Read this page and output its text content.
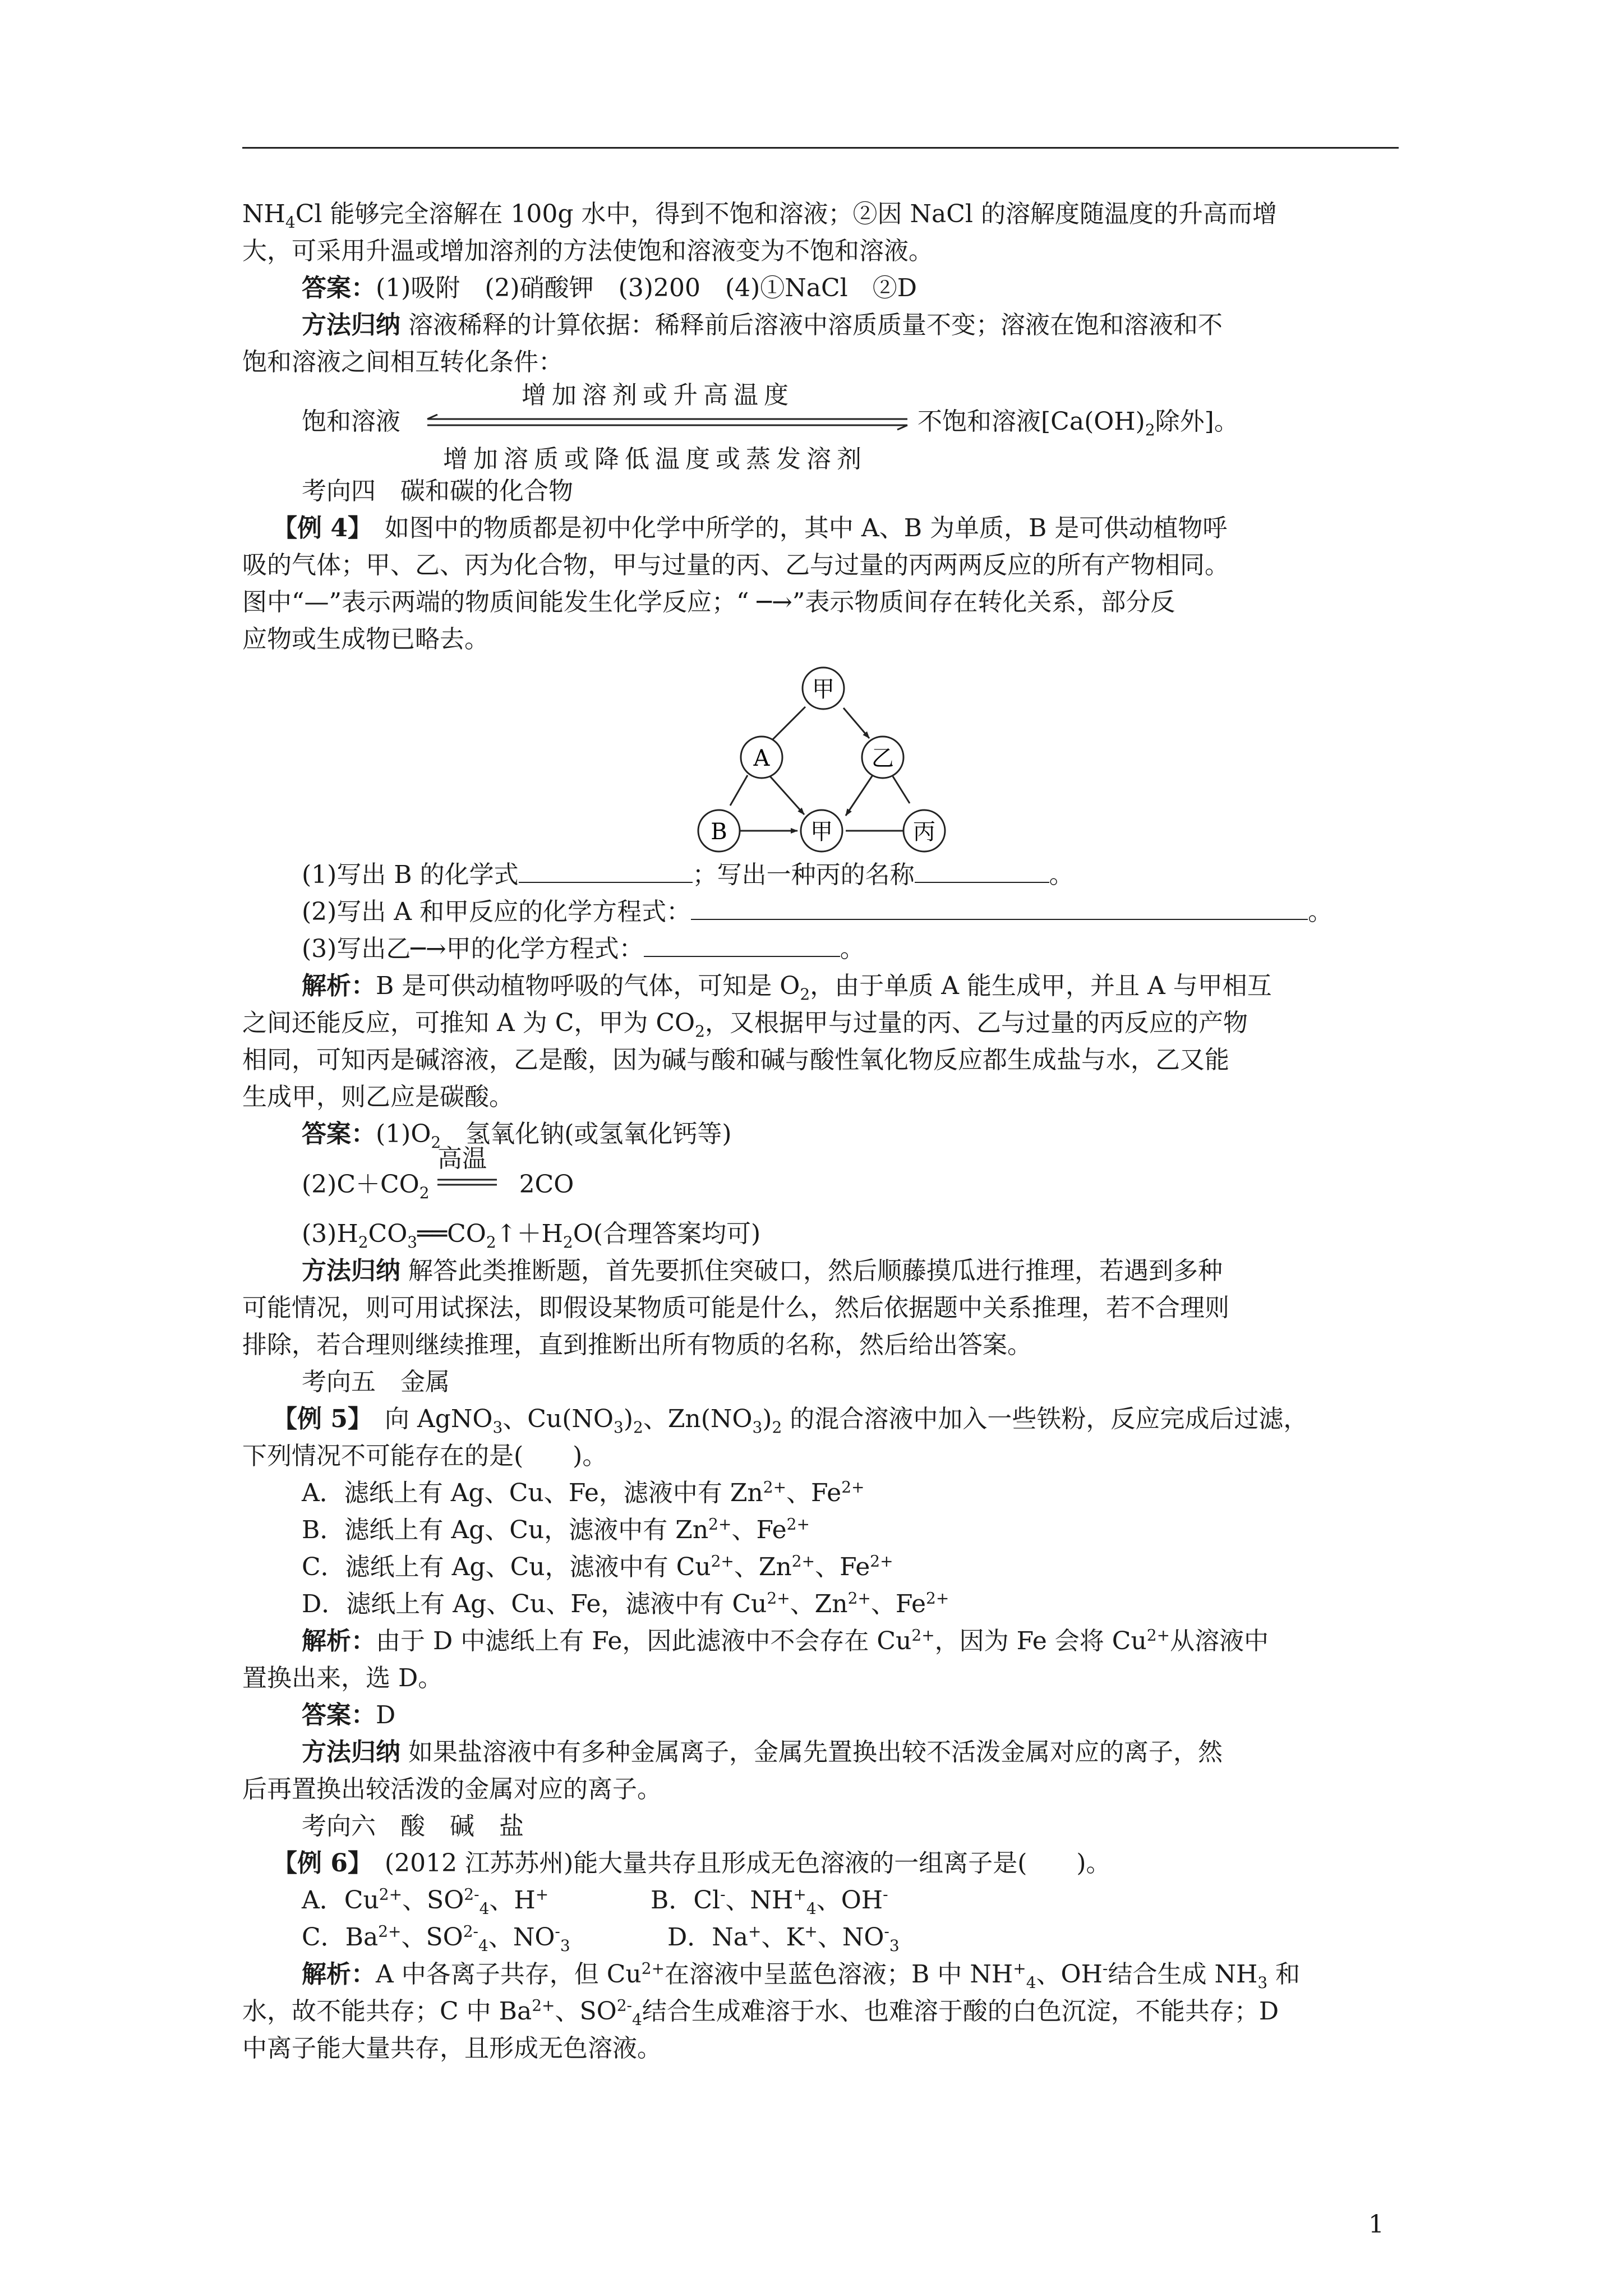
$NH_4Cl$ 能够完全溶解在 100g 水中，得到不饱和溶液；②因 NaCl 的溶解度随温度的升高而增
大，可采用升温或增加溶剂的方法使饱和溶液变为不饱和溶液。
答案：(1)吸附　(2)硝酸钾　(3)200　(4)①NaCl　②D
方法归纳 溶液稀释的计算依据：稀释前后溶液中溶质质量不变；溶液在饱和溶液和不
饱和溶液之间相互转化条件：
增加溶剂或升高温度
饱和溶液	不饱和溶液[$Ca(OH)_2$除外]。
增加溶质或降低温度或蒸发溶剂
考向四　碳和碳的化合物
【例 4】　如图中的物质都是初中化学中所学的，其中 A、B 为单质，B 是可供动植物呼
吸的气体；甲、乙、丙为化合物，甲与过量的丙、乙与过量的丙两两反应的所有产物相同。
图中“—”表示两端的物质间能发生化学反应；“ ─→”表示物质间存在转化关系，部分反
应物或生成物已略去。
甲
A	乙
B	甲	丙
(1)写出 B 的化学式	；写出一种丙的名称	。
(2)写出 A 和甲反应的化学方程式：	。
(3)写出乙─→甲的化学方程式：	。
解析：B 是可供动植物呼吸的气体，可知是 $O_2$，由于单质 A 能生成甲，并且 A 与甲相互
之间还能反应，可推知 A 为 C，甲为 $CO_2$，又根据甲与过量的丙、乙与过量的丙反应的产物
相同，可知丙是碱溶液，乙是酸，因为碱与酸和碱与酸性氧化物反应都生成盐与水，乙又能
生成甲，则乙应是碳酸。
答案：$(1)O_2$　氢氧化钠(或氢氧化钙等)
$(2)C+CO_2$	2CO
高温
$(3)H_2CO_3══CO_2↑+H_2O$(合理答案均可)
方法归纳 解答此类推断题，首先要抓住突破口，然后顺藤摸瓜进行推理，若遇到多种
可能情况，则可用试探法，即假设某物质可能是什么，然后依据题中关系推理，若不合理则
排除，若合理则继续推理，直到推断出所有物质的名称，然后给出答案。
考向五　金属
【例 5】　向 AgNO$_3$、$Cu(NO_3)_2$、$Zn(NO_3)_2$ 的混合溶液中加入一些铁粉，反应完成后过滤，
下列情况不可能存在的是(　　)。
A．滤纸上有 Ag、Cu、Fe，滤液中有 $Zn^{2+}$、$Fe^{2+}$
B．滤纸上有 Ag、Cu，滤液中有 $Zn^{2+}$、$Fe^{2+}$
C．滤纸上有 Ag、Cu，滤液中有 $Cu^{2+}$、$Zn^{2+}$、$Fe^{2+}$
D．滤纸上有 Ag、Cu、Fe，滤液中有 $Cu^{2+}$、$Zn^{2+}$、$Fe^{2+}$
解析：由于 D 中滤纸上有 Fe，因此滤液中不会存在 $Cu^{2+}$，因为 Fe 会将 $Cu^{2+}$从溶液中
置换出来，选 D。
答案：D
方法归纳 如果盐溶液中有多种金属离子，金属先置换出较不活泼金属对应的离子，然
后再置换出较活泼的金属对应的离子。
考向六　酸　碱　盐
【例 6】　(2012 江苏苏州)能大量共存且形成无色溶液的一组离子是(　　)。
A．$Cu^{2+}$、$SO^{2-}_4$、H+	B．Cl-、$NH^+_4$、OH-
C．$Ba^{2+}$、$SO^{2-}_4$、$NO^-_3$	D．Na+、K+、$NO^-_3$
解析：A 中各离子共存，但 $Cu^{2+}$在溶液中呈蓝色溶液；B 中 $NH^+_4$、OH-结合生成 $NH_3$ 和
水，故不能共存；C 中 $Ba^{2+}$、$SO^{2-}_4$结合生成难溶于水、也难溶于酸的白色沉淀，不能共存；D
中离子能大量共存，且形成无色溶液。
1
